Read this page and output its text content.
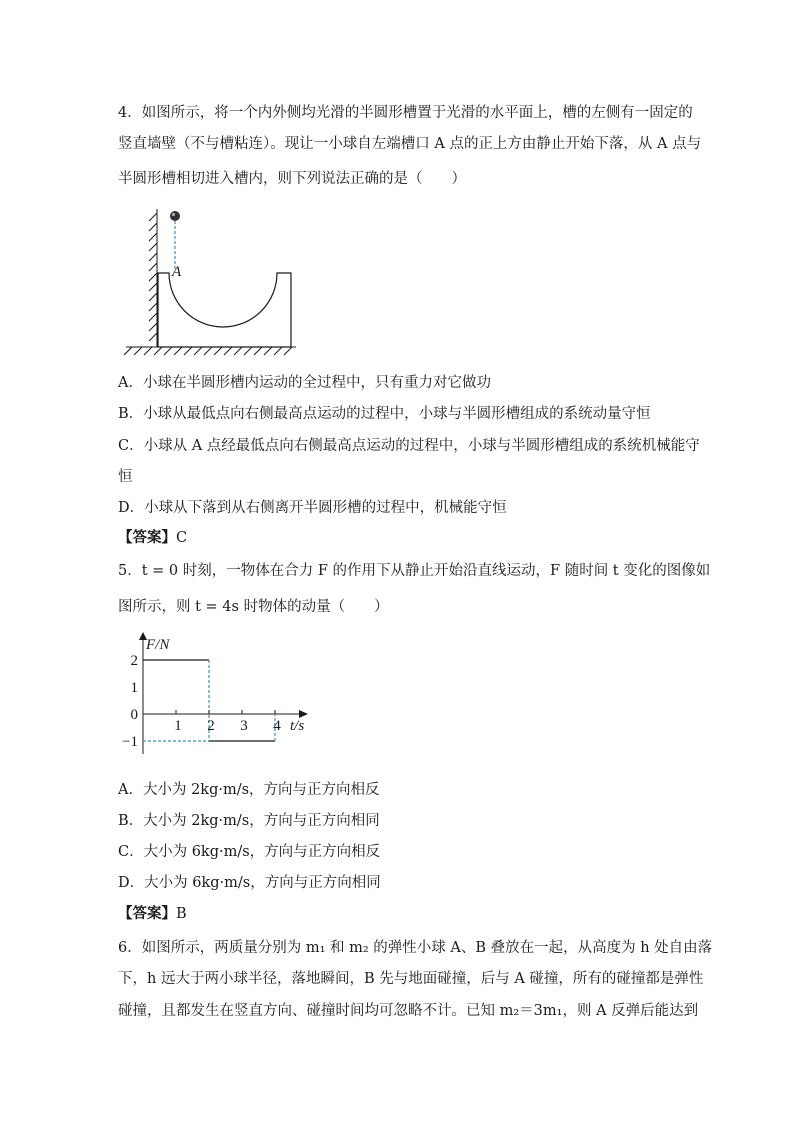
4．如图所示，将一个内外侧均光滑的半圆形槽置于光滑的水平面上，槽的左侧有一固定的
竖直墙壁（不与槽粘连）。现让一小球自左端槽口 A 点的正上方由静止开始下落，从 A 点与
半圆形槽相切进入槽内，则下列说法正确的是（　　）
A
A．小球在半圆形槽内运动的全过程中，只有重力对它做功
B．小球从最低点向右侧最高点运动的过程中，小球与半圆形槽组成的系统动量守恒
C．小球从 A 点经最低点向右侧最高点运动的过程中，小球与半圆形槽组成的系统机械能守
恒
D．小球从下落到从右侧离开半圆形槽的过程中，机械能守恒
【答案】C
5．t = 0 时刻，一物体在合力 F 的作用下从静止开始沿直线运动，F 随时间 t 变化的图像如
图所示，则 t = 4s 时物体的动量（　　）
1 2 3 4
2
1
0
−1
F/N
t/s
A．大小为 2kg·m/s，方向与正方向相反
B．大小为 2kg·m/s，方向与正方向相同
C．大小为 6kg·m/s，方向与正方向相反
D．大小为 6kg·m/s，方向与正方向相同
【答案】B
6．如图所示，两质量分别为 m₁ 和 m₂ 的弹性小球 A、B 叠放在一起，从高度为 h 处自由落
下，h 远大于两小球半径，落地瞬间，B 先与地面碰撞，后与 A 碰撞，所有的碰撞都是弹性
碰撞，且都发生在竖直方向、碰撞时间均可忽略不计。已知 m₂＝3m₁，则 A 反弹后能达到
